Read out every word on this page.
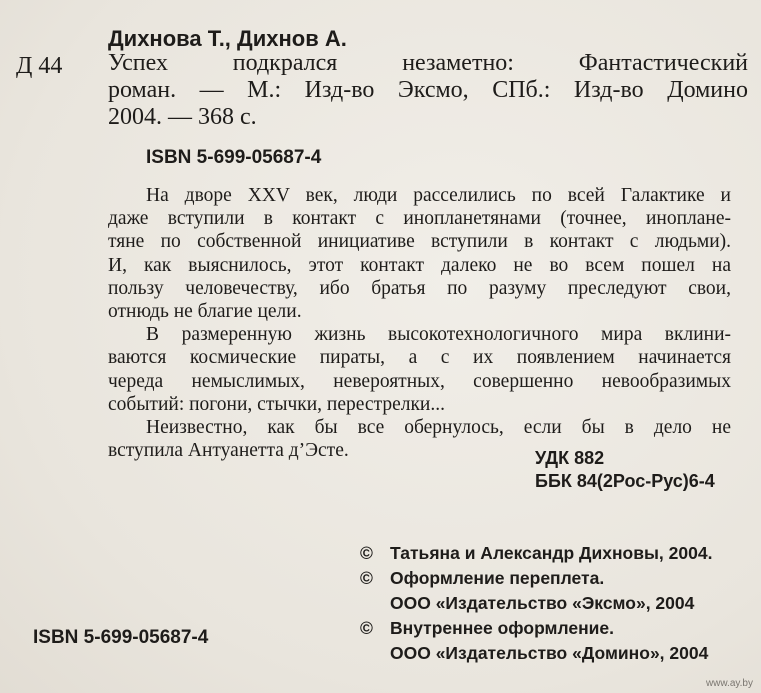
Дихнова Т., Дихнов А.
Д 44 Успех подкрался незаметно: Фантастический
роман. — М.: Изд-во Эксмо, СПб.: Изд-во Домино
2004. — 368 с.
ISBN 5-699-05687-4
На дворе XXV век, люди расселились по всей Галактике и
даже вступили в контакт с инопланетянами (точнее, иноплане-
тяне по собственной инициативе вступили в контакт с людьми).
И, как выяснилось, этот контакт далеко не во всем пошел на
пользу человечеству, ибо братья по разуму преследуют свои,
отнюдь не благие цели.
В размеренную жизнь высокотехнологичного мира вклини-
ваются космические пираты, а с их появлением начинается
череда немыслимых, невероятных, совершенно невообразимых
событий: погони, стычки, перестрелки...
Неизвестно, как бы все обернулось, если бы в дело не
вступила Антуанетта д’Эсте.	УДК 882
ББК 84(2Рос-Рус)6-4
© Татьяна и Александр Дихновы, 2004.
© Оформление переплета.
ООО «Издательство «Эксмо», 2004
© Внутреннее оформление.
ООО «Издательство «Домино», 2004
ISBN 5-699-05687-4
www.ay.by
